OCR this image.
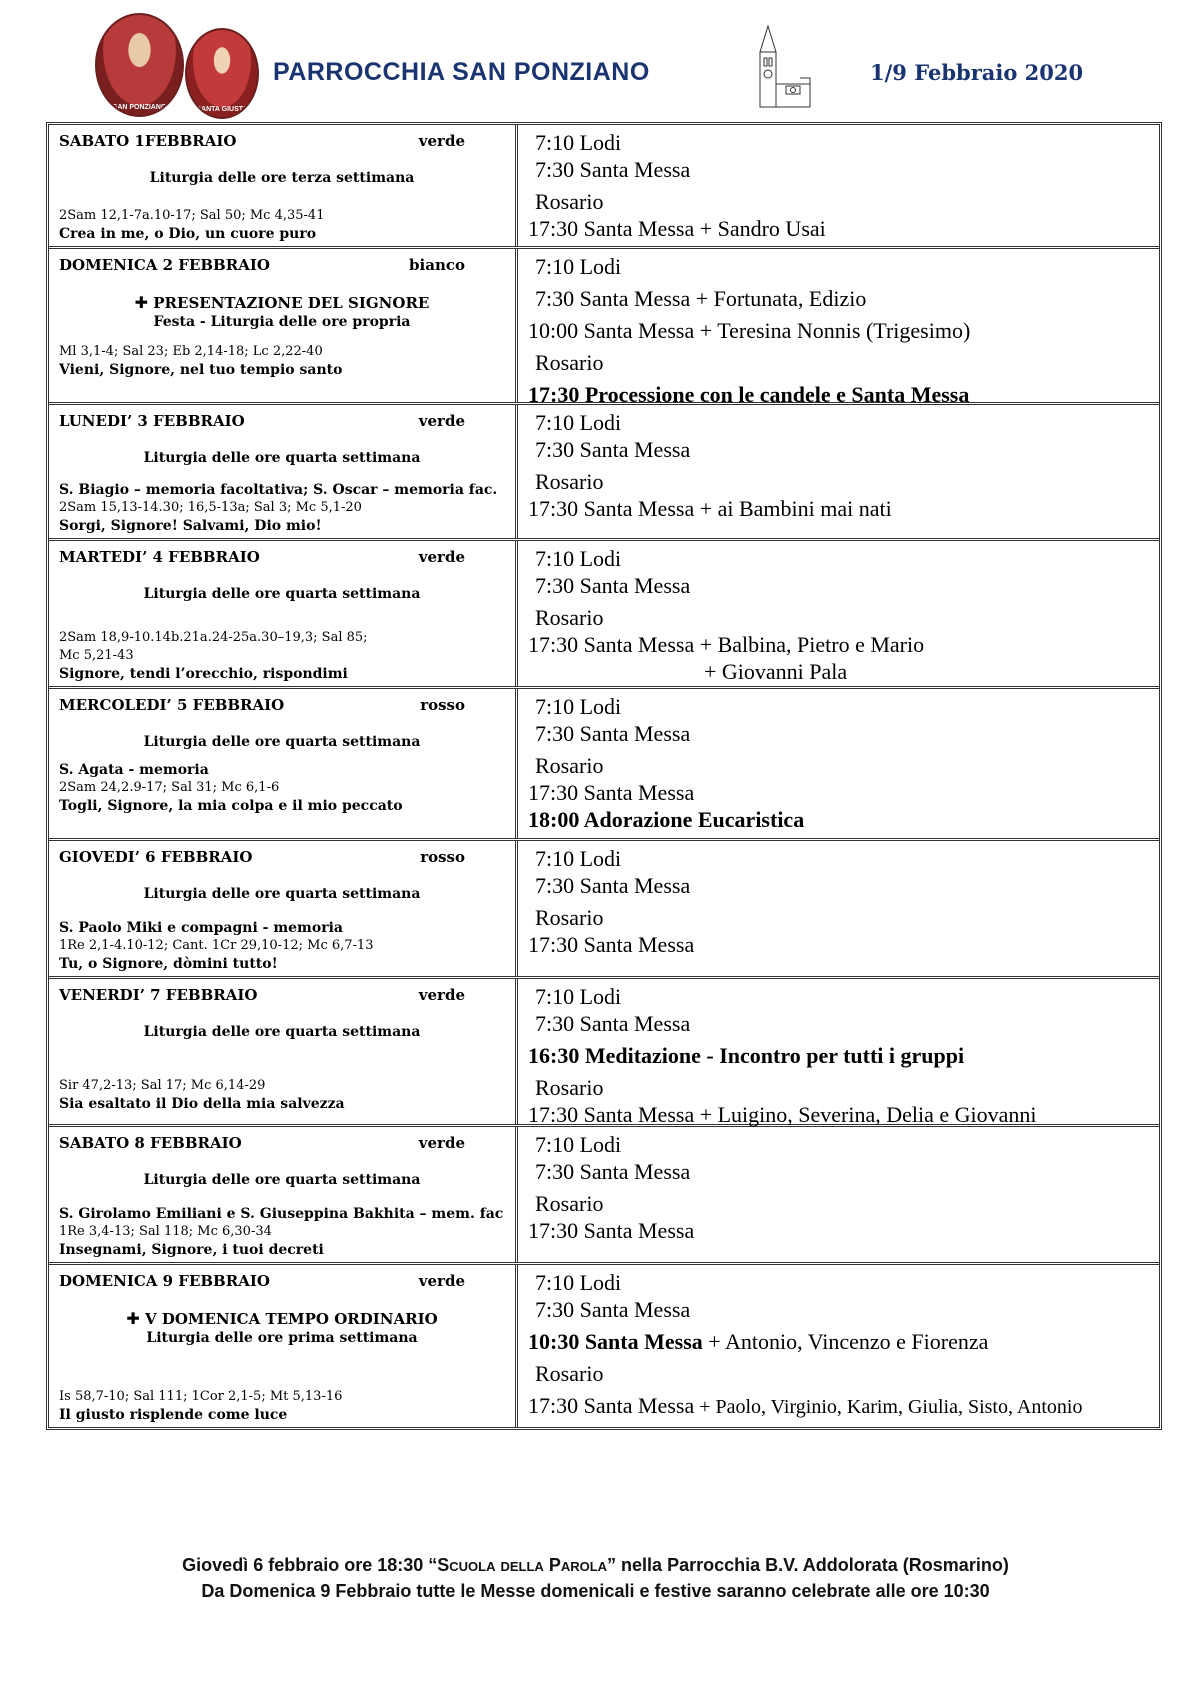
SAN PONZIANO	SANTA GIUSTA
PARROCCHIA SAN PONZIANO	1/9 Febbraio 2020
SABATO 1FEBBRAIO	verde
Liturgia delle ore terza settimana
2Sam 12,1-7a.10-17; Sal 50; Mc 4,35-41
Crea in me, o Dio, un cuore puro
7:10 Lodi
7:30 Santa Messa
Rosario
17:30 Santa Messa + Sandro Usai
DOMENICA 2 FEBBRAIO	bianco
✚ PRESENTAZIONE DEL SIGNORE
Festa - Liturgia delle ore propria
Ml 3,1-4; Sal 23; Eb 2,14-18; Lc 2,22-40
Vieni, Signore, nel tuo tempio santo
7:10 Lodi
7:30 Santa Messa + Fortunata, Edizio
10:00 Santa Messa + Teresina Nonnis (Trigesimo)
Rosario
17:30 Processione con le candele e Santa Messa
LUNEDI’ 3 FEBBRAIO	verde
Liturgia delle ore quarta settimana
S. Biagio – memoria facoltativa; S. Oscar – memoria fac.
2Sam 15,13-14.30; 16,5-13a; Sal 3; Mc 5,1-20
Sorgi, Signore! Salvami, Dio mio!
7:10 Lodi
7:30 Santa Messa
Rosario
17:30 Santa Messa + ai Bambini mai nati
MARTEDI’ 4 FEBBRAIO	verde
Liturgia delle ore quarta settimana
2Sam 18,9-10.14b.21a.24-25a.30–19,3; Sal 85;
Mc 5,21-43
Signore, tendi l’orecchio, rispondimi
7:10 Lodi
7:30 Santa Messa
Rosario
17:30 Santa Messa + Balbina, Pietro e Mario
+ Giovanni Pala
MERCOLEDI’ 5 FEBBRAIO	rosso
Liturgia delle ore quarta settimana
S. Agata - memoria
2Sam 24,2.9-17; Sal 31; Mc 6,1-6
Togli, Signore, la mia colpa e il mio peccato
7:10 Lodi
7:30 Santa Messa
Rosario
17:30 Santa Messa
18:00 Adorazione Eucaristica
GIOVEDI’ 6 FEBBRAIO	rosso
Liturgia delle ore quarta settimana
S. Paolo Miki e compagni - memoria
1Re 2,1-4.10-12; Cant. 1Cr 29,10-12; Mc 6,7-13
Tu, o Signore, dòmini tutto!
7:10 Lodi
7:30 Santa Messa
Rosario
17:30 Santa Messa
VENERDI’ 7 FEBBRAIO	verde
Liturgia delle ore quarta settimana
Sir 47,2-13; Sal 17; Mc 6,14-29
Sia esaltato il Dio della mia salvezza
7:10 Lodi
7:30 Santa Messa
16:30 Meditazione - Incontro per tutti i gruppi
Rosario
17:30 Santa Messa + Luigino, Severina, Delia e Giovanni
SABATO 8 FEBBRAIO	verde
Liturgia delle ore quarta settimana
S. Girolamo Emiliani e S. Giuseppina Bakhita – mem. fac
1Re 3,4-13; Sal 118; Mc 6,30-34
Insegnami, Signore, i tuoi decreti
7:10 Lodi
7:30 Santa Messa
Rosario
17:30 Santa Messa
DOMENICA 9 FEBBRAIO	verde
✚ V DOMENICA TEMPO ORDINARIO
Liturgia delle ore prima settimana
Is 58,7-10; Sal 111; 1Cor 2,1-5; Mt 5,13-16
Il giusto risplende come luce
7:10 Lodi
7:30 Santa Messa
10:30 Santa Messa + Antonio, Vincenzo e Fiorenza
Rosario
17:30 Santa Messa + Paolo, Virginio, Karim, Giulia, Sisto, Antonio
Giovedì 6 febbraio ore 18:30 “Scuola della Parola” nella Parrocchia B.V. Addolorata (Rosmarino)
Da Domenica 9 Febbraio tutte le Messe domenicali e festive saranno celebrate alle ore 10:30
